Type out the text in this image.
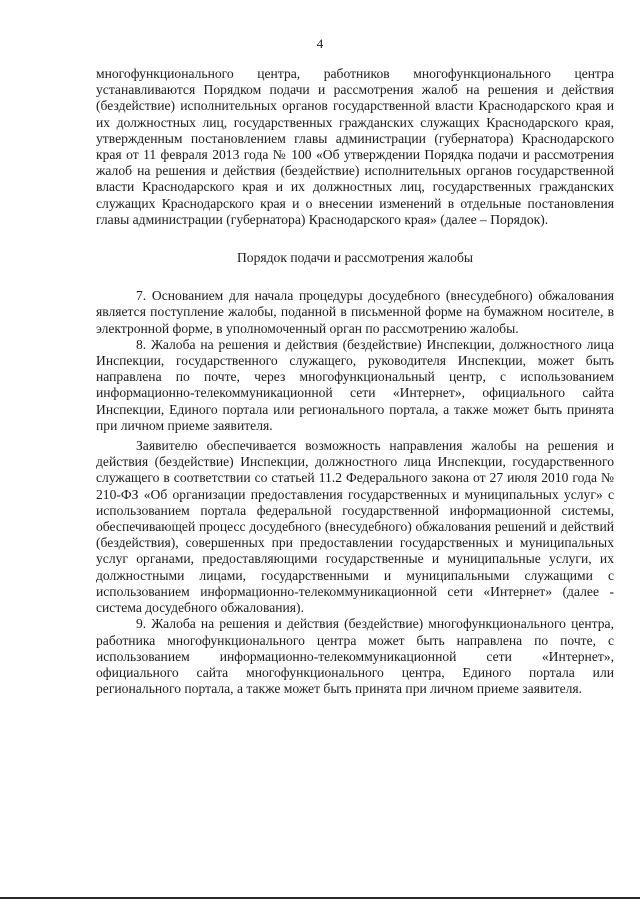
4

многофункционального центра, работников многофункционального центра устанавливаются Порядком подачи и рассмотрения жалоб на решения и действия (бездействие) исполнительных органов государственной власти Краснодарского края и их должностных лиц, государственных гражданских служащих Краснодарского края, утвержденным постановлением главы администрации (губернатора) Краснодарского края от 11 февраля 2013 года № 100 «Об утверждении Порядка подачи и рассмотрения жалоб на решения и действия (бездействие) исполнительных органов государственной власти Краснодарского края и их должностных лиц, государственных гражданских служащих Краснодарского края и о внесении изменений в отдельные постановления главы администрации (губернатора) Краснодарского края» (далее – Порядок).

Порядок подачи и рассмотрения жалобы

7. Основанием для начала процедуры досудебного (внесудебного) обжалования является поступление жалобы, поданной в письменной форме на бумажном носителе, в электронной форме, в уполномоченный орган по рассмотрению жалобы.

8. Жалоба на решения и действия (бездействие) Инспекции, должностного лица Инспекции, государственного служащего, руководителя Инспекции, может быть направлена по почте, через многофункциональный центр, с использованием информационно-телекоммуникационной сети «Интернет», официального сайта Инспекции, Единого портала или регионального портала, а также может быть принята при личном приеме заявителя.

Заявителю обеспечивается возможность направления жалобы на решения и действия (бездействие) Инспекции, должностного лица Инспекции, государственного служащего в соответствии со статьей 11.2 Федерального закона от 27 июля 2010 года № 210-ФЗ «Об организации предоставления государственных и муниципальных услуг» с использованием портала федеральной государственной информационной системы, обеспечивающей процесс досудебного (внесудебного) обжалования решений и действий (бездействия), совершенных при предоставлении государственных и муниципальных услуг органами, предоставляющими государственные и муниципальные услуги, их должностными лицами, государственными и муниципальными служащими с использованием информационно-телекоммуникационной сети «Интернет» (далее - система досудебного обжалования).

9. Жалоба на решения и действия (бездействие) многофункционального центра, работника многофункционального центра может быть направлена по почте, с использованием информационно-телекоммуникационной сети «Интернет», официального сайта многофункционального центра, Единого портала или регионального портала, а также может быть принята при личном приеме заявителя.
